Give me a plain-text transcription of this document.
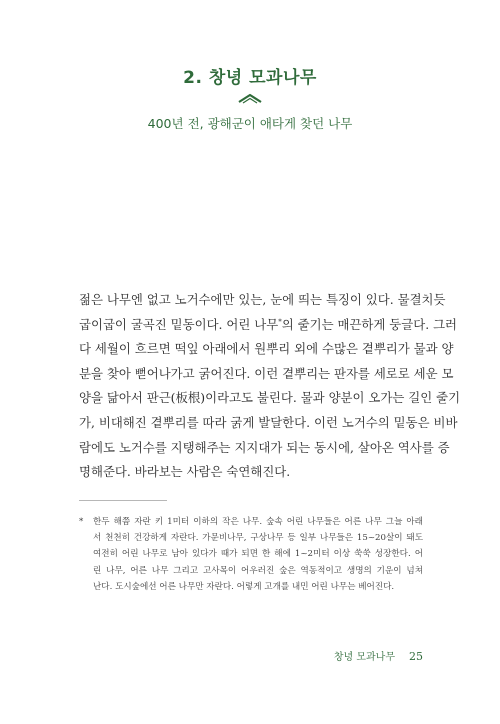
2. 창녕 모과나무
400년 전, 광해군이 애타게 찾던 나무
젊은 나무엔 없고 노거수에만 있는, 눈에 띄는 특징이 있다. 물결치듯
굽이굽이 굴곡진 밑동이다. 어린 나무*의 줄기는 매끈하게 둥글다. 그러
다 세월이 흐르면 떡잎 아래에서 원뿌리 외에 수많은 곁뿌리가 물과 양
분을 찾아 뻗어나가고 굵어진다. 이런 곁뿌리는 판자를 세로로 세운 모
양을 닮아서 판근(板根)이라고도 불린다. 물과 양분이 오가는 길인 줄기
가, 비대해진 곁뿌리를 따라 굵게 발달한다. 이런 노거수의 밑동은 비바
람에도 노거수를 지탱해주는 지지대가 되는 동시에, 살아온 역사를 증
명해준다. 바라보는 사람은 숙연해진다.
* 한두 해쯤 자란 키 1미터 이하의 작은 나무. 숲속 어린 나무들은 어른 나무 그늘 아래
서 천천히 건강하게 자란다. 가문비나무, 구상나무 등 일부 나무들은 15~20살이 돼도
여전히 어린 나무로 남아 있다가 때가 되면 한 해에 1~2미터 이상 쑥쑥 성장한다. 어
린 나무, 어른 나무 그리고 고사목이 어우러진 숲은 역동적이고 생명의 기운이 넘쳐
난다. 도시숲에선 어른 나무만 자란다. 어렇게 고개를 내민 어린 나무는 베어진다.
창녕 모과나무 25
